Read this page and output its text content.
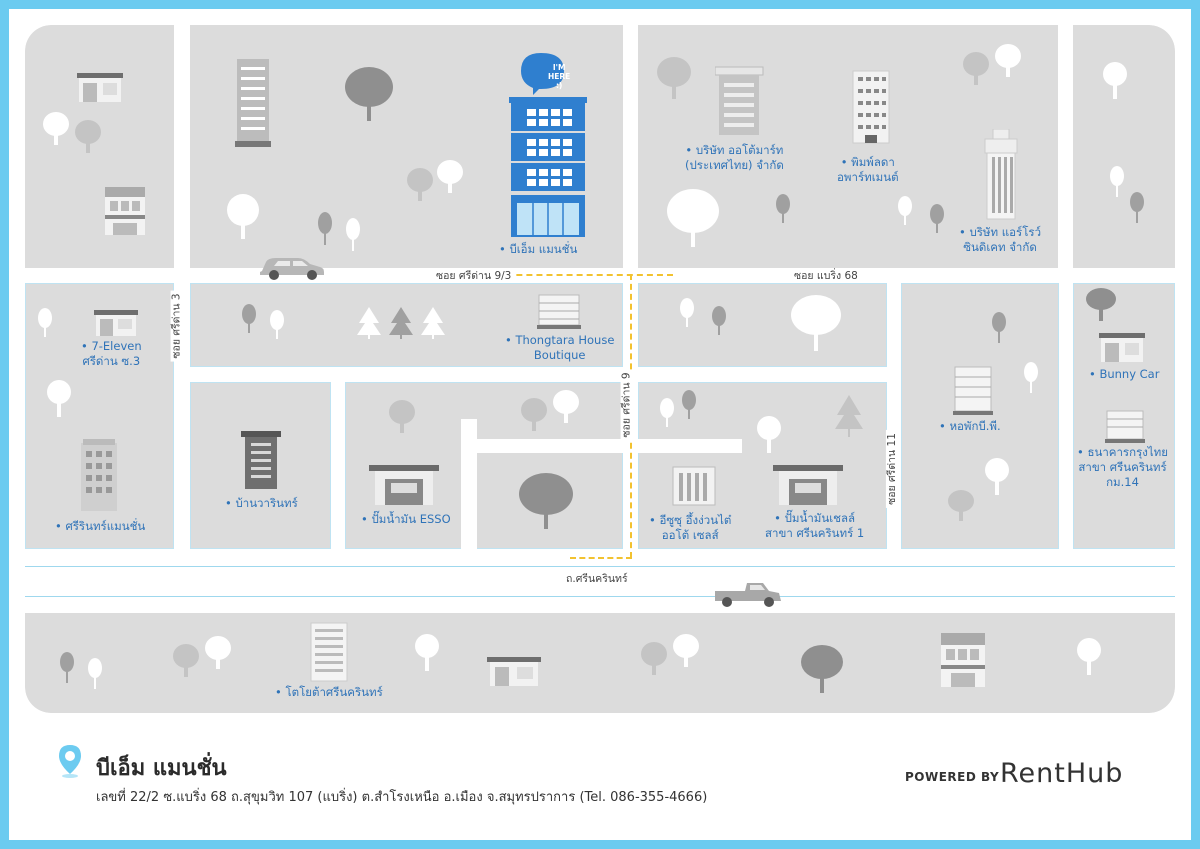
ซอย ศรีด่าน 9/3	ซอย แบริ่ง 68
ซอย ศรีด่าน 3
ซอย ศรีด่าน 9
ซอย ศรีด่าน 11
ถ.ศรีนครินทร์
I'M
HERE
:)
• บีเอ็ม แมนชั่น
• บริษัท ออโต้มาร์ท
(ประเทศไทย) จำกัด	• พิมพ์ลดา
อพาร์ทเมนต์
• บริษัท แอร์โรว์
ซินดิเคท จำกัด
• 7-Eleven
ศรีด่าน ซ.3
• Thongtara House
Boutique
• หอพักบี.พี.
• Bunny Car
• ธนาคารกรุงไทย
สาขา ศรีนครินทร์
กม.14
• ศรีรินทร์แมนชั่น
• บ้านวารินทร์
• ปั๊มน้ำมัน ESSO	• อีซูซุ อึ้งง่วนไต๋
ออโต้ เซลส์
• ปั๊มน้ำมันเชลล์
สาขา ศรีนครินทร์ 1
• โตโยต้าศรีนครินทร์
บีเอ็ม แมนชั่น
เลขที่ 22/2 ซ.แบริ่ง 68 ถ.สุขุมวิท 107 (แบริ่ง) ต.สำโรงเหนือ อ.เมือง จ.สมุทรปราการ (Tel. 086-355-4666)
POWERED BY RentHub
